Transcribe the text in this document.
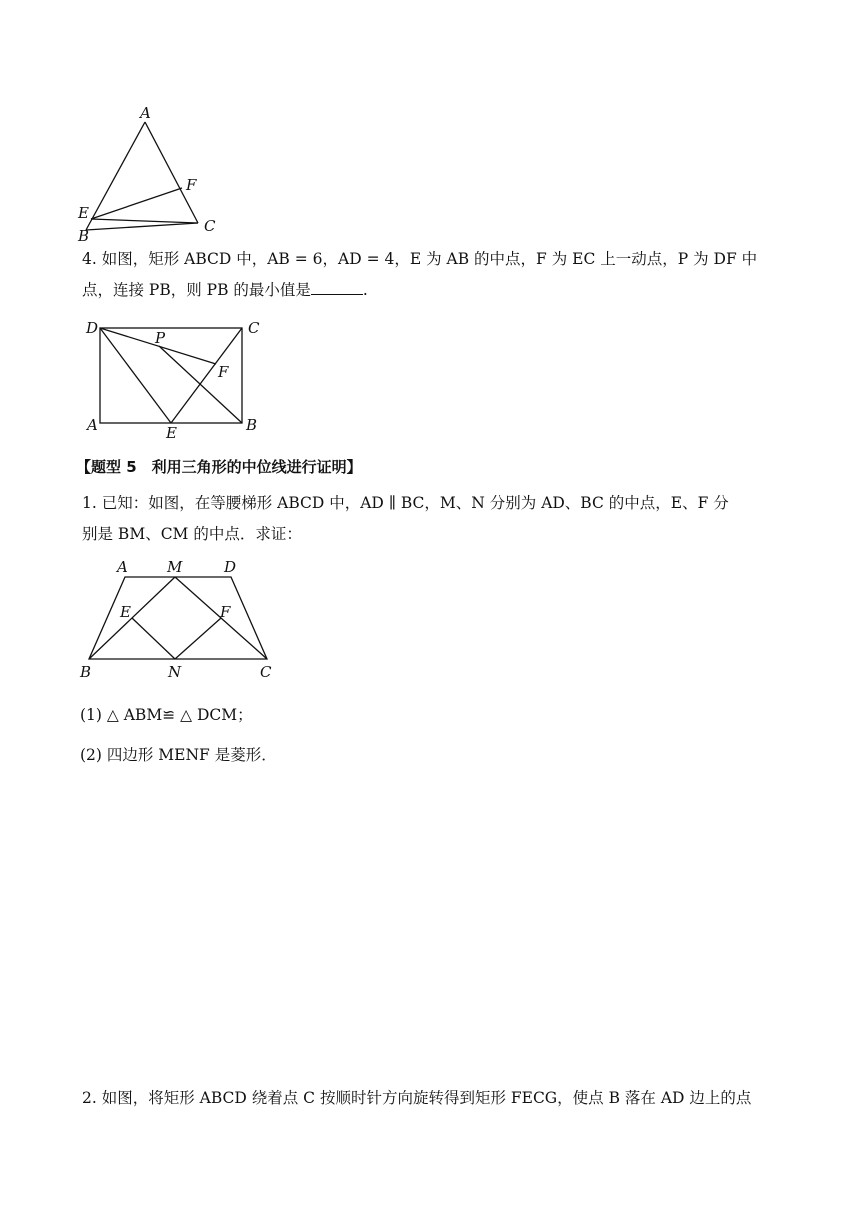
A
B
C
E
F
4. 如图，矩形 ABCD 中，AB = 6，AD = 4，E 为 AB 的中点，F 为 EC 上一动点，P 为 DF 中
点，连接 PB，则 PB 的最小值是	.
D	C
A	B
E
F
P
【题型 5　利用三角形的中位线进行证明】
1. 已知：如图，在等腰梯形 ABCD 中，AD ∥ BC，M、N 分别为 AD、BC 的中点，E、F 分
别是 BM、CM 的中点．求证：
A	M	D
B	N	C
E	F
(1) △ ABM≌ △ DCM；
(2) 四边形 MENF 是菱形．
2. 如图，将矩形 ABCD 绕着点 C 按顺时针方向旋转得到矩形 FECG，使点 B 落在 AD 边上的点
